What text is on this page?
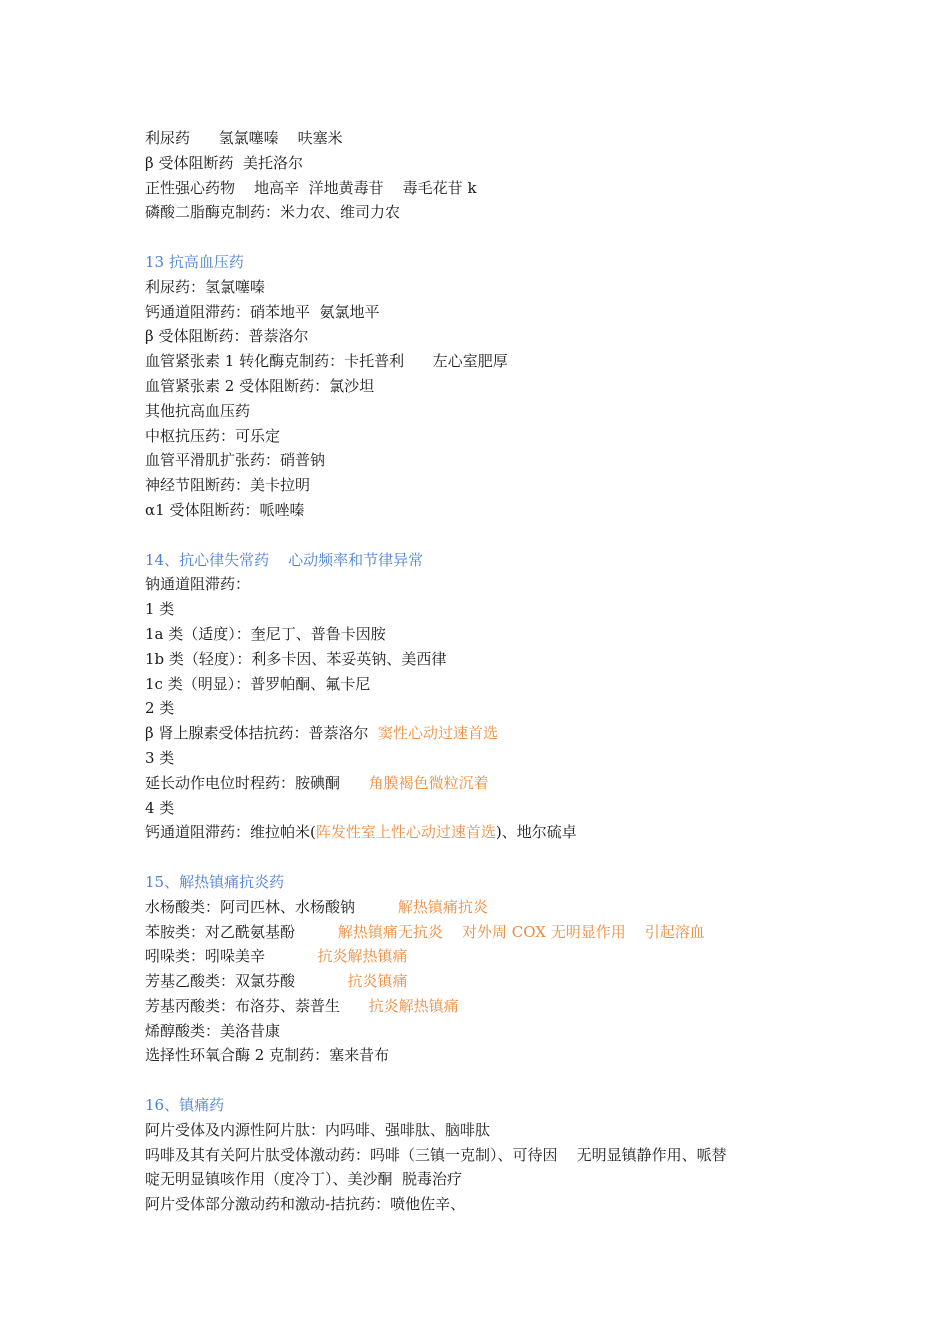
利尿药      氢氯噻嗪    呋塞米
β 受体阻断药  美托洛尔
正性强心药物    地高辛  洋地黄毒苷    毒毛花苷 k
磷酸二脂酶克制药：米力农、维司力农
13 抗高血压药
利尿药：氢氯噻嗪
钙通道阻滞药：硝苯地平  氨氯地平
β 受体阻断药：普萘洛尔
血管紧张素 1 转化酶克制药：卡托普利      左心室肥厚
血管紧张素 2 受体阻断药：氯沙坦
其他抗高血压药
中枢抗压药：可乐定
血管平滑肌扩张药：硝普钠
神经节阻断药：美卡拉明
α1 受体阻断药：哌唑嗪
14、抗心律失常药    心动频率和节律异常
钠通道阻滞药：
1 类
1a 类（适度）：奎尼丁、普鲁卡因胺
1b 类（轻度）：利多卡因、苯妥英钠、美西律
1c 类（明显）：普罗帕酮、氟卡尼
2 类
β 肾上腺素受体拮抗药：普萘洛尔  窦性心动过速首选
3 类
延长动作电位时程药：胺碘酮      角膜褐色微粒沉着
4 类
钙通道阻滞药：维拉帕米(阵发性室上性心动过速首选)、地尔硫卓
15、解热镇痛抗炎药
水杨酸类：阿司匹林、水杨酸钠         解热镇痛抗炎
苯胺类：对乙酰氨基酚         解热镇痛无抗炎    对外周 COX 无明显作用    引起溶血
吲哚类：吲哚美辛           抗炎解热镇痛
芳基乙酸类：双氯芬酸           抗炎镇痛
芳基丙酸类：布洛芬、萘普生      抗炎解热镇痛
烯醇酸类：美洛昔康
选择性环氧合酶 2 克制药：塞来昔布
16、镇痛药
阿片受体及内源性阿片肽：内吗啡、强啡肽、脑啡肽
吗啡及其有关阿片肽受体激动药：吗啡（三镇一克制）、可待因    无明显镇静作用、哌替
啶无明显镇咳作用（度冷丁）、美沙酮  脱毒治疗
阿片受体部分激动药和激动-拮抗药：喷他佐辛、
